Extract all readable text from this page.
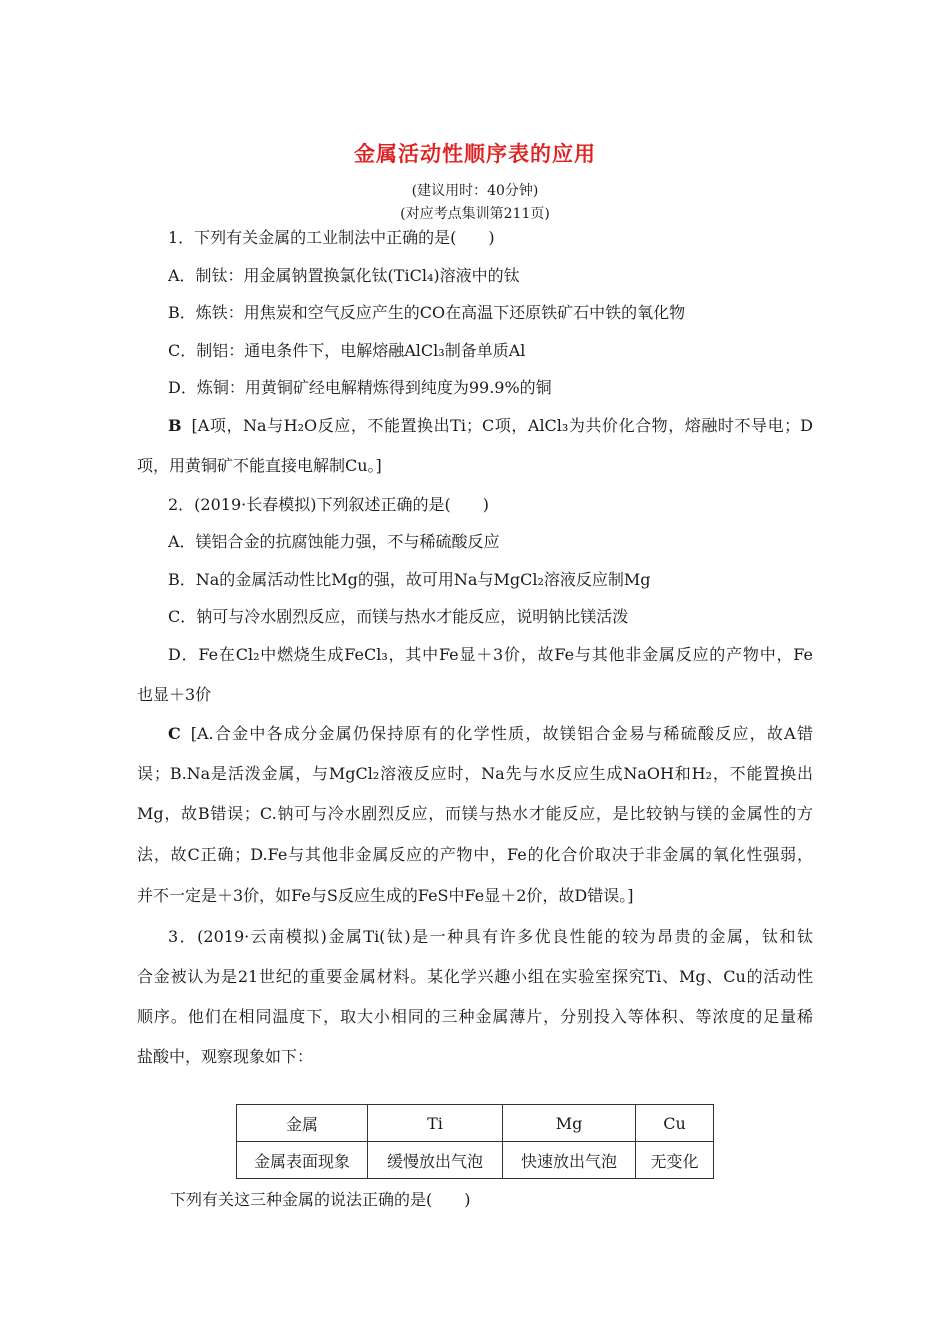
金属活动性顺序表的应用
(建议用时：40分钟)
(对应考点集训第211页)
1．下列有关金属的工业制法中正确的是(　　)
A．制钛：用金属钠置换氯化钛(TiCl₄)溶液中的钛
B．炼铁：用焦炭和空气反应产生的CO在高温下还原铁矿石中铁的氧化物
C．制铝：通电条件下，电解熔融AlCl₃制备单质Al
D．炼铜：用黄铜矿经电解精炼得到纯度为99.9%的铜
B [A项，Na与H₂O反应，不能置换出Ti；C项，AlCl₃为共价化合物，熔融时不导电；D
项，用黄铜矿不能直接电解制Cu。]
2．(2019·长春模拟)下列叙述正确的是(　　)
A．镁铝合金的抗腐蚀能力强，不与稀硫酸反应
B．Na的金属活动性比Mg的强，故可用Na与MgCl₂溶液反应制Mg
C．钠可与冷水剧烈反应，而镁与热水才能反应，说明钠比镁活泼
D．Fe在Cl₂中燃烧生成FeCl₃，其中Fe显＋3价，故Fe与其他非金属反应的产物中，Fe
也显＋3价
C [A.合金中各成分金属仍保持原有的化学性质，故镁铝合金易与稀硫酸反应，故A错
误；B.Na是活泼金属，与MgCl₂溶液反应时，Na先与水反应生成NaOH和H₂，不能置换出
Mg，故B错误；C.钠可与冷水剧烈反应，而镁与热水才能反应，是比较钠与镁的金属性的方
法，故C正确；D.Fe与其他非金属反应的产物中，Fe的化合价取决于非金属的氧化性强弱，
并不一定是＋3价，如Fe与S反应生成的FeS中Fe显＋2价，故D错误。]
3．(2019·云南模拟)金属Ti(钛)是一种具有许多优良性能的较为昂贵的金属，钛和钛
合金被认为是21世纪的重要金属材料。某化学兴趣小组在实验室探究Ti、Mg、Cu的活动性
顺序。他们在相同温度下，取大小相同的三种金属薄片，分别投入等体积、等浓度的足量稀
盐酸中，观察现象如下：
金属	Ti	Mg	Cu
金属表面现象	缓慢放出气泡	快速放出气泡	无变化
下列有关这三种金属的说法正确的是(　　)
